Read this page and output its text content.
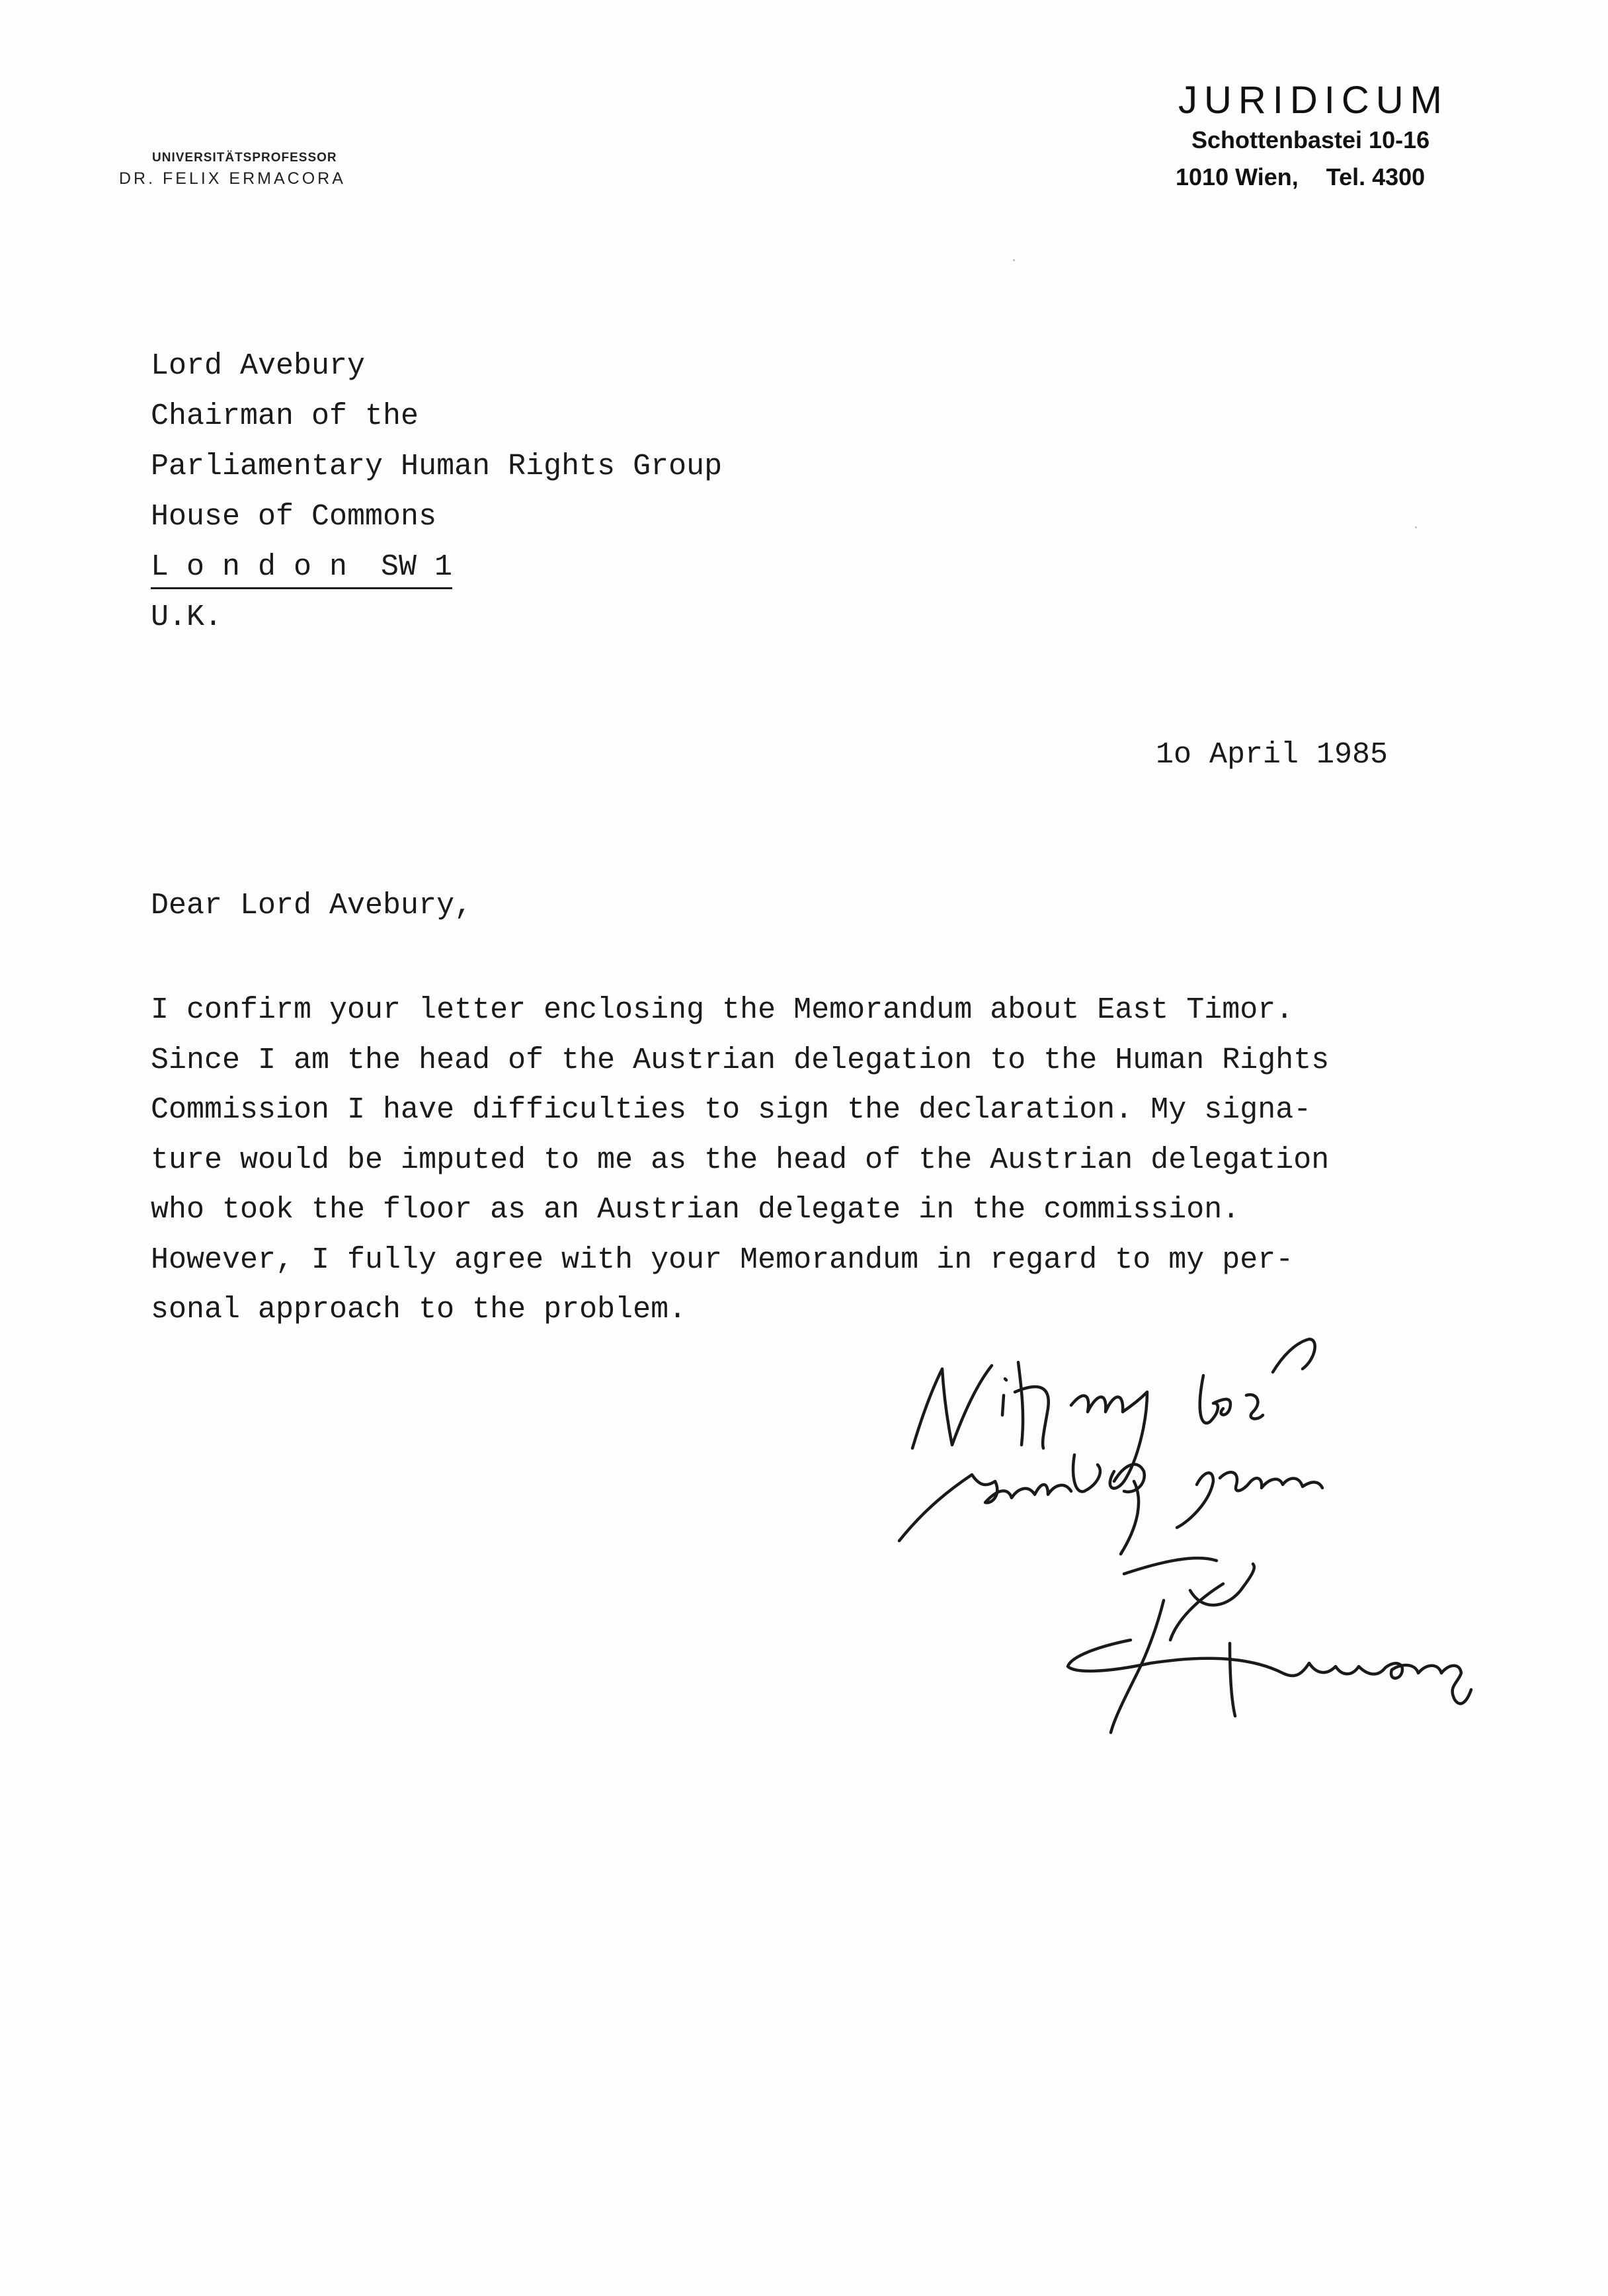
UNIVERSITÄTSPROFESSOR
DR. FELIX ERMACORA
JURIDICUM
Schottenbastei 10-16
1010 Wien, Tel. 4300
Lord Avebury
Chairman of the
Parliamentary Human Rights Group
House of Commons
London SW 1
U.K.
1o April 1985
Dear Lord Avebury,
I confirm your letter enclosing the Memorandum about East Timor.
Since I am the head of the Austrian delegation to the Human Rights
Commission I have difficulties to sign the declaration. My signa-
ture would be imputed to me as the head of the Austrian delegation
who took the floor as an Austrian delegate in the commission.
However, I fully agree with your Memorandum in regard to my per-
sonal approach to the problem.
